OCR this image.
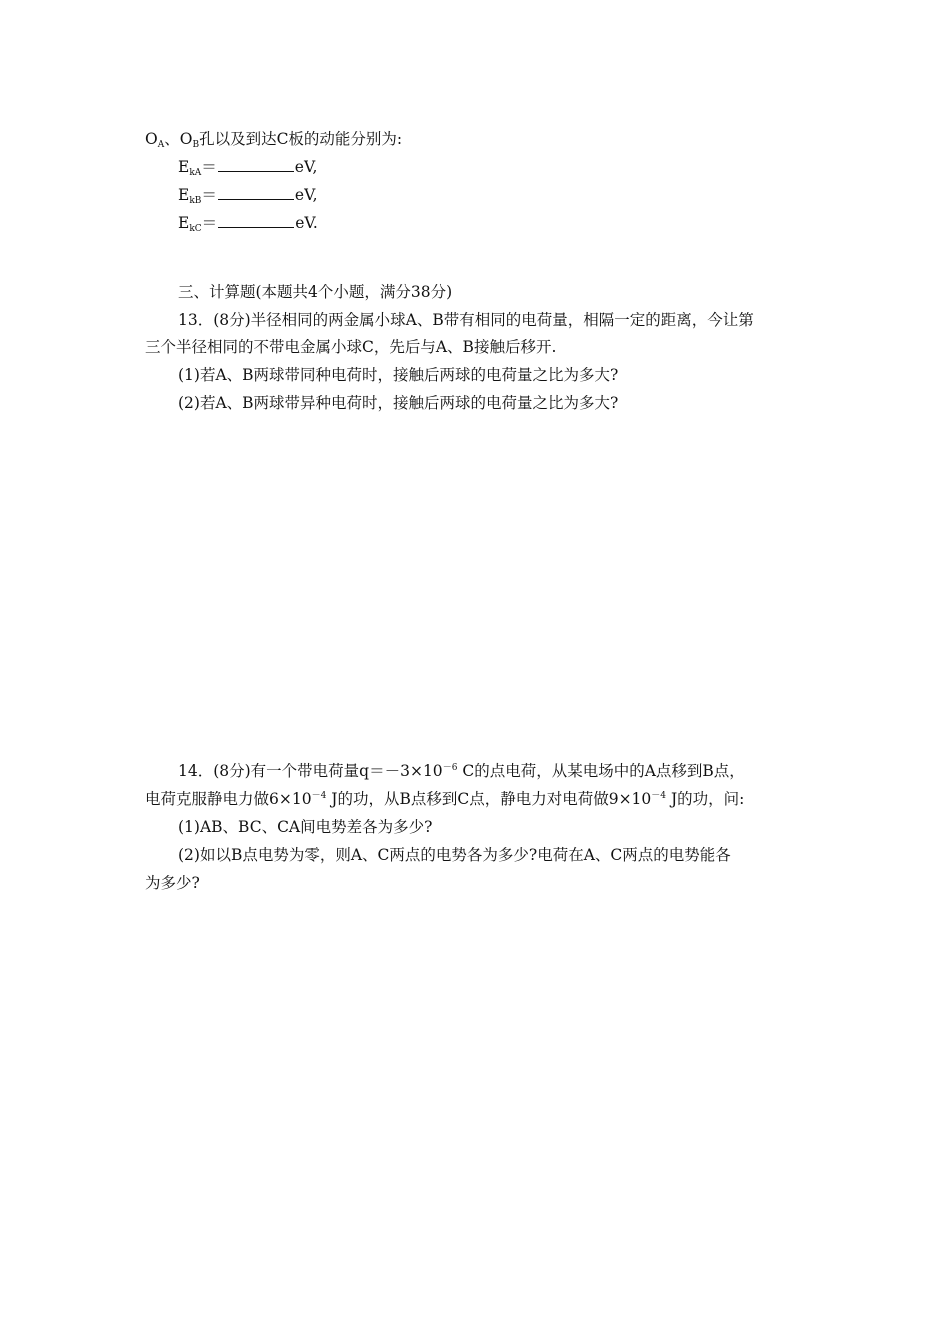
$O_A$、$O_B$孔以及到达C板的动能分别为:
$E_{kA}=$	eV,
$E_{kB}=$	eV,
$E_{kC}=$	eV.
三、计算题(本题共4个小题，满分38分)
13．(8分)半径相同的两金属小球A、B带有相同的电荷量，相隔一定的距离，今让第
三个半径相同的不带电金属小球C，先后与A、B接触后移开.
(1)若A、B两球带同种电荷时，接触后两球的电荷量之比为多大?
(2)若A、B两球带异种电荷时，接触后两球的电荷量之比为多大?
14．(8分)有一个带电荷量$q=-3\times 10^{-6}$ C的点电荷，从某电场中的A点移到B点，
电荷克服静电力做$6\times 10^{-4}$ J的功，从B点移到C点，静电力对电荷做$9\times 10^{-4}$ J的功，问:
(1)AB、BC、CA间电势差各为多少?
(2)如以B点电势为零，则A、C两点的电势各为多少?电荷在A、C两点的电势能各
为多少?
